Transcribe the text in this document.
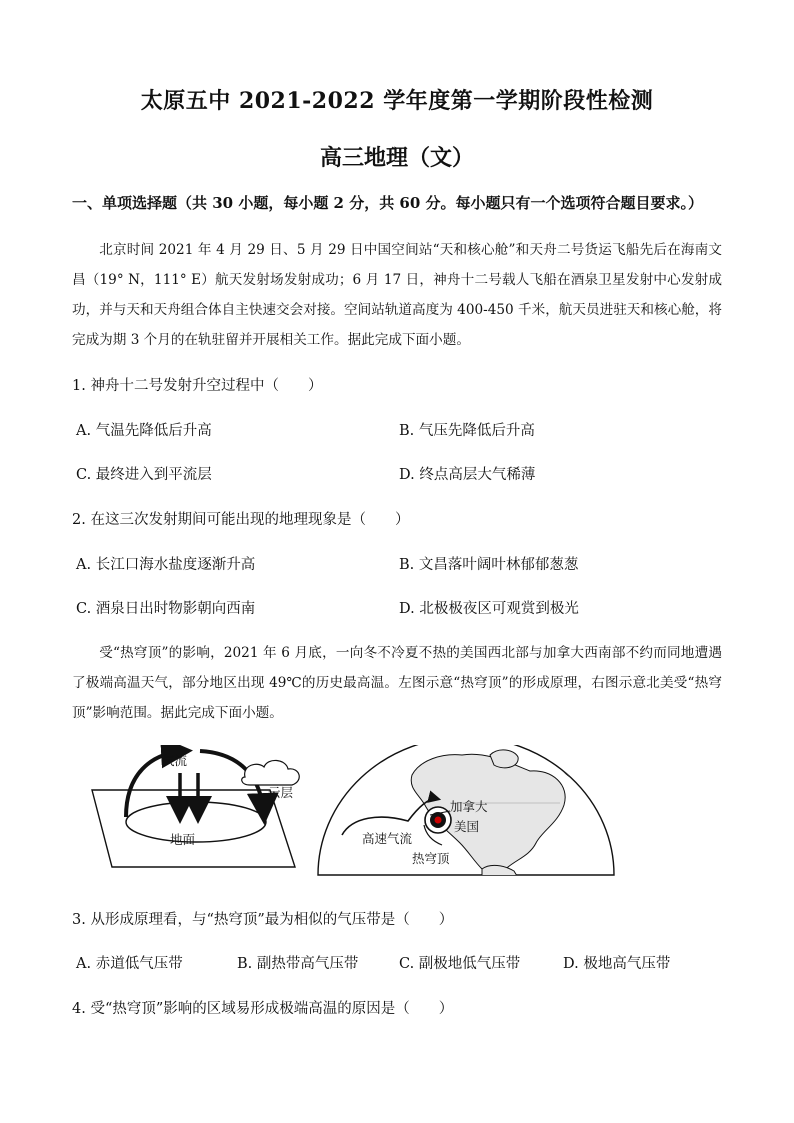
太原五中 2021-2022 学年度第一学期阶段性检测
高三地理（文）
一、单项选择题（共 30 小题，每小题 2 分，共 60 分。每小题只有一个选项符合题目要求。）
北京时间 2021 年 4 月 29 日、5 月 29 日中国空间站“天和核心舱”和天舟二号货运飞船先后在海南文昌（19° N，111° E）航天发射场发射成功；6 月 17 日，神舟十二号载人飞船在酒泉卫星发射中心发射成功，并与天和天舟组合体自主快速交会对接。空间站轨道高度为 400-450 千米，航天员进驻天和核心舱，将完成为期 3 个月的在轨驻留并开展相关工作。据此完成下面小题。
1. 神舟十二号发射升空过程中（　　）
A. 气温先降低后升高	B. 气压先降低后升高
C. 最终进入到平流层	D. 终点高层大气稀薄
2. 在这三次发射期间可能出现的地理现象是（　　）
A. 长江口海水盐度逐渐升高	B. 文昌落叶阔叶林郁郁葱葱
C. 酒泉日出时物影朝向西南	D. 北极极夜区可观赏到极光
受“热穹顶”的影响，2021 年 6 月底，一向冬不冷夏不热的美国西北部与加拿大西南部不约而同地遭遇了极端高温天气，部分地区出现 49℃的历史最高温。左图示意“热穹顶”的形成原理，右图示意北美受“热穹顶”影响范围。据此完成下面小题。
气流
云层
地面
加拿大
美国
高速气流
热穹顶
3. 从形成原理看，与“热穹顶”最为相似的气压带是（　　）
A. 赤道低气压带	B. 副热带高气压带	C. 副极地低气压带	D. 极地高气压带
4. 受“热穹顶”影响的区域易形成极端高温的原因是（　　）
